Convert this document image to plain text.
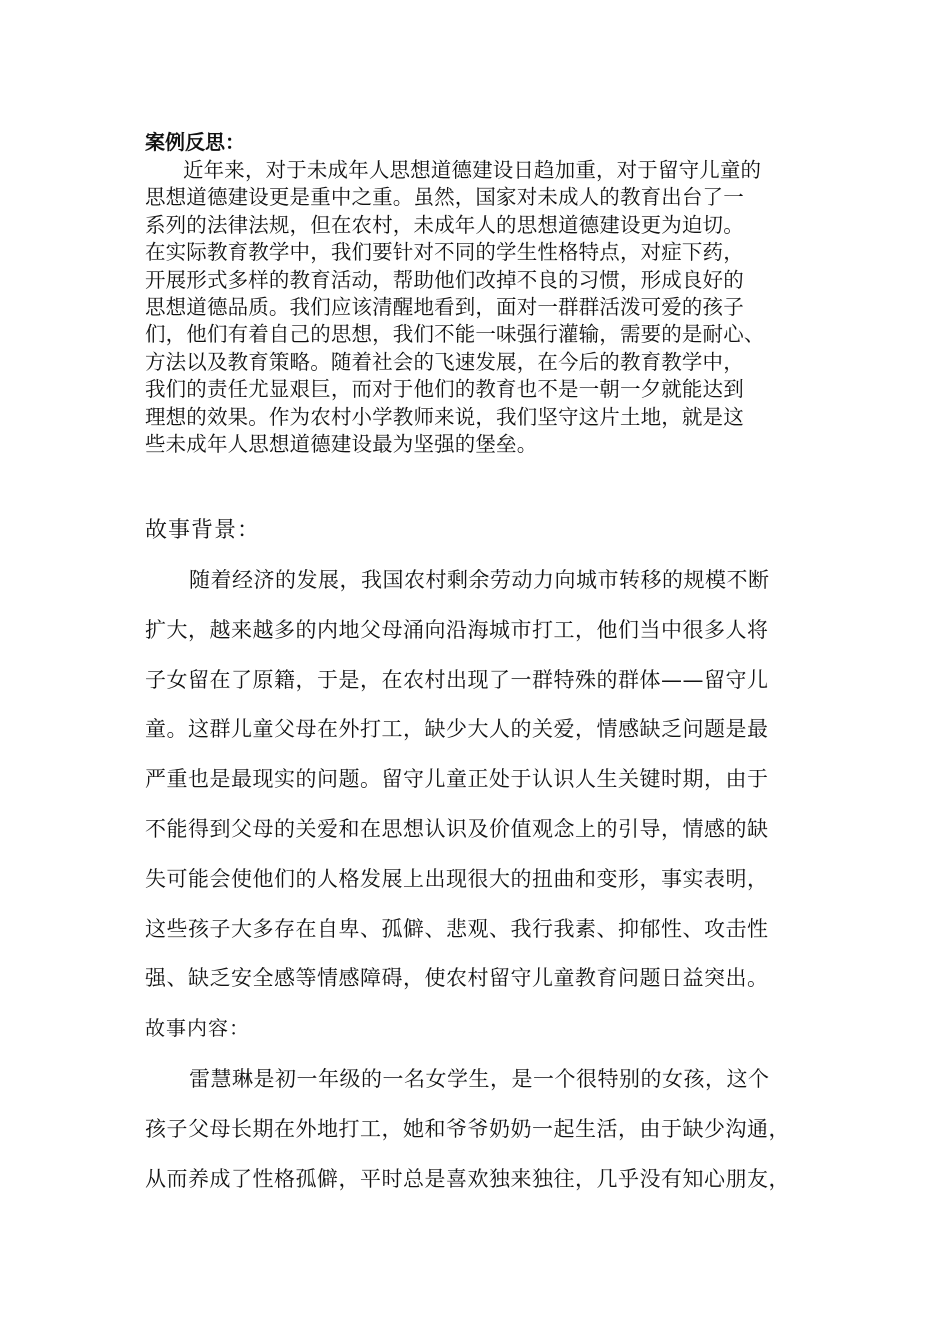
案例反思：
近年来，对于未成年人思想道德建设日趋加重，对于留守儿童的
思想道德建设更是重中之重。虽然，国家对未成人的教育出台了一
系列的法律法规，但在农村，未成年人的思想道德建设更为迫切。
在实际教育教学中，我们要针对不同的学生性格特点，对症下药，
开展形式多样的教育活动，帮助他们改掉不良的习惯，形成良好的
思想道德品质。我们应该清醒地看到，面对一群群活泼可爱的孩子
们，他们有着自己的思想，我们不能一味强行灌输，需要的是耐心、
方法以及教育策略。随着社会的飞速发展，在今后的教育教学中，
我们的责任尤显艰巨，而对于他们的教育也不是一朝一夕就能达到
理想的效果。作为农村小学教师来说，我们坚守这片土地，就是这
些未成年人思想道德建设最为坚强的堡垒。
故事背景：
随着经济的发展，我国农村剩余劳动力向城市转移的规模不断
扩大，越来越多的内地父母涌向沿海城市打工，他们当中很多人将
子女留在了原籍，于是，在农村出现了一群特殊的群体——留守儿
童。这群儿童父母在外打工，缺少大人的关爱，情感缺乏问题是最
严重也是最现实的问题。留守儿童正处于认识人生关键时期，由于
不能得到父母的关爱和在思想认识及价值观念上的引导，情感的缺
失可能会使他们的人格发展上出现很大的扭曲和变形，事实表明，
这些孩子大多存在自卑、孤僻、悲观、我行我素、抑郁性、攻击性
强、缺乏安全感等情感障碍，使农村留守儿童教育问题日益突出。
故事内容：
雷慧琳是初一年级的一名女学生，是一个很特别的女孩，这个
孩子父母长期在外地打工，她和爷爷奶奶一起生活，由于缺少沟通，
从而养成了性格孤僻，平时总是喜欢独来独往，几乎没有知心朋友，
